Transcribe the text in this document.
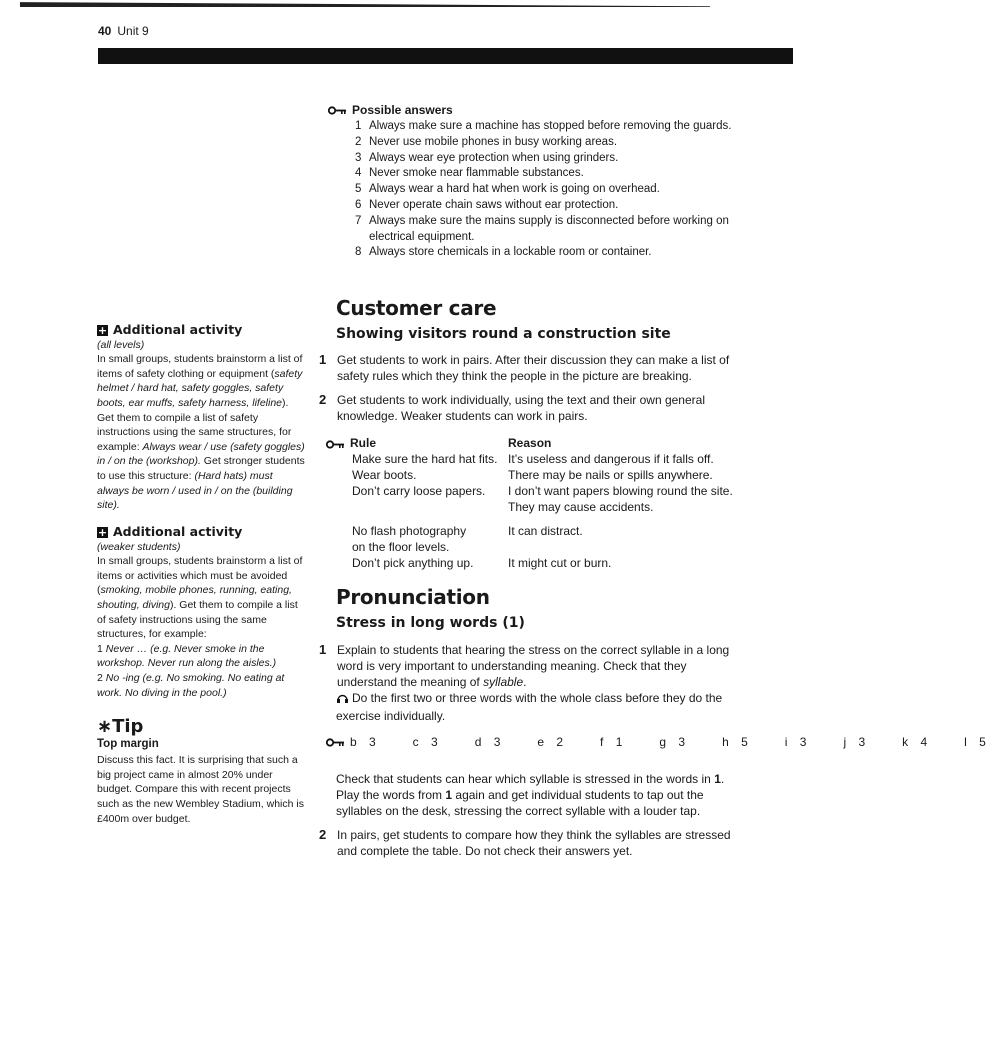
40 Unit 9
Possible answers
1 Always make sure a machine has stopped before removing the guards.
2 Never use mobile phones in busy working areas.
3 Always wear eye protection when using grinders.
4 Never smoke near flammable substances.
5 Always wear a hard hat when work is going on overhead.
6 Never operate chain saws without ear protection.
7 Always make sure the mains supply is disconnected before working on electrical equipment.
8 Always store chemicals in a lockable room or container.
Customer care
Showing visitors round a construction site
1 Get students to work in pairs. After their discussion they can make a list of safety rules which they think the people in the picture are breaking.
2 Get students to work individually, using the text and their own general knowledge. Weaker students can work in pairs.
Rule	Reason
Make sure the hard hat fits.	It’s useless and dangerous if it falls off.
Wear boots.	There may be nails or spills anywhere.
Don’t carry loose papers.	I don’t want papers blowing round the site. They may cause accidents.
No flash photography on the floor levels.	It can distract.
Don’t pick anything up.	It might cut or burn.
Pronunciation
Stress in long words (1)
1 Explain to students that hearing the stress on the correct syllable in a long word is very important to understanding meaning. Check that they understand the meaning of syllable.
Do the first two or three words with the whole class before they do the exercise individually.
b 3   c 3   d 3   e 2   f 1   g 3   h 5   i 3   j 3   k 4   l 5
Check that students can hear which syllable is stressed in the words in 1. Play the words from 1 again and get individual students to tap out the syllables on the desk, stressing the correct syllable with a louder tap.
2 In pairs, get students to compare how they think the syllables are stressed and complete the table. Do not check their answers yet.
+ Additional activity
(all levels)
In small groups, students brainstorm a list of items of safety clothing or equipment (safety helmet / hard hat, safety goggles, safety boots, ear muffs, safety harness, lifeline). Get them to compile a list of safety instructions using the same structures, for example: Always wear / use (safety goggles) in / on the (workshop). Get stronger students to use this structure: (Hard hats) must always be worn / used in / on the (building site).
+ Additional activity
(weaker students)
In small groups, students brainstorm a list of items or activities which must be avoided (smoking, mobile phones, running, eating, shouting, diving). Get them to compile a list of safety instructions using the same structures, for example:
1 Never … (e.g. Never smoke in the workshop. Never run along the aisles.)
2 No -ing (e.g. No smoking. No eating at work. No diving in the pool.)
∗Tip
Top margin
Discuss this fact. It is surprising that such a big project came in almost 20% under budget. Compare this with recent projects such as the new Wembley Stadium, which is £400m over budget.
